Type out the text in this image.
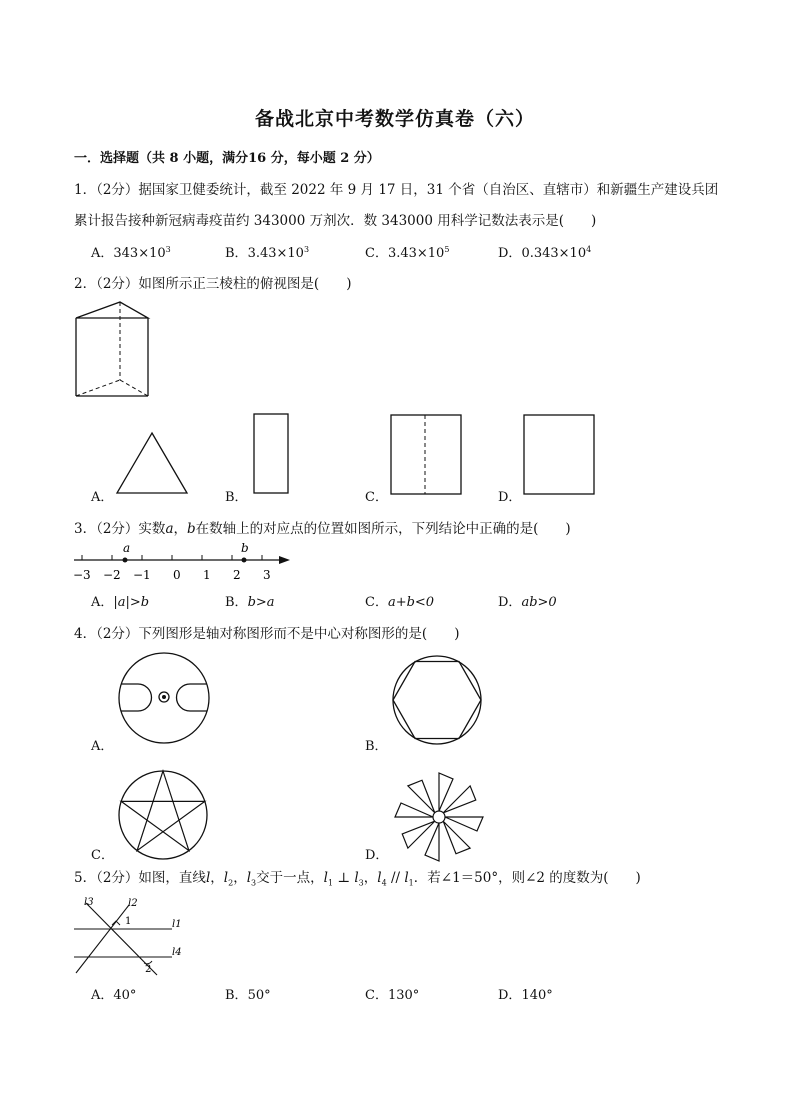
备战北京中考数学仿真卷（六）
一．选择题（共 8 小题，满分16 分，每小题 2 分）
1．（2分）据国家卫健委统计，截至 2022 年 9 月 17 日，31 个省（自治区、直辖市）和新疆生产建设兵团
累计报告接种新冠病毒疫苗约 343000 万剂次．数 343000 用科学记数法表示是(　　)
A．$343\times 10^3$	B．$3.43\times 10^3$	C．$3.43\times 10^5$	D．$0.343\times 10^4$
2．（2分）如图所示正三棱柱的俯视图是(　　)
A．	B．	C．	D．
3．（2分）实数a，b在数轴上的对应点的位置如图所示，下列结论中正确的是(　　)
a	b
−3 −2 −1 0 1 2 3
A．|a|>b	B．b>a	C．a+b<0	D．ab>0
4．（2分）下列图形是轴对称图形而不是中心对称图形的是(　　)
A．	B．
C．	D．
5．（2分）如图，直线l，$l_2$，$l_3$交于一点，$l_1$ ⊥ $l_3$，$l_4 // l_1$．若∠1＝50°，则∠2 的度数为(　　)
l3	l2
l1
l4
1
2
A．40°	B．50°	C．130°	D．140°
